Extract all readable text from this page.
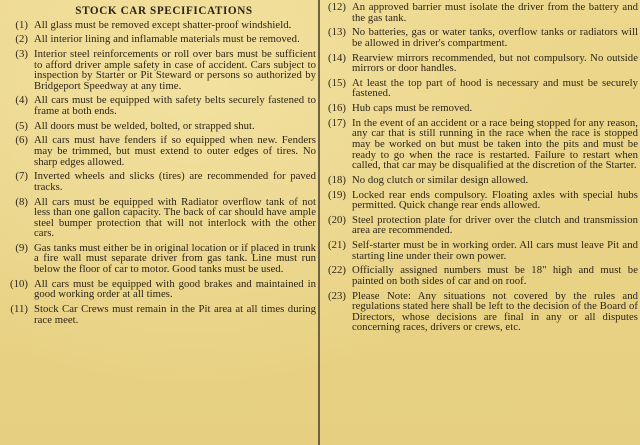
STOCK CAR SPECIFICATIONS
(1) All glass must be removed except shatter-proof windshield.
(2) All interior lining and inflamable materials must be removed.
(3) Interior steel reinforcements or roll over bars must be sufficient to afford driver ample safety in case of accident. Cars subject to inspection by Starter or Pit Steward or persons so authorized by Bridgeport Speedway at any time.
(4) All cars must be equipped with safety belts securely fastened to frame at both ends.
(5) All doors must be welded, bolted, or strapped shut.
(6) All cars must have fenders if so equipped when new. Fenders may be trimmed, but must extend to outer edges of tires. No sharp edges allowed.
(7) Inverted wheels and slicks (tires) are recommended for paved tracks.
(8) All cars must be equipped with Radiator overflow tank of not less than one gallon capacity. The back of car should have ample steel bumper protection that will not interlock with the other cars.
(9) Gas tanks must either be in original location or if placed in trunk a fire wall must separate driver from gas tank. Line must run below the floor of car to motor. Good tanks must be used.
(10) All cars must be equipped with good brakes and maintained in good working order at all times.
(11) Stock Car Crews must remain in the Pit area at all times during race meet.
(12) An approved barrier must isolate the driver from the battery and the gas tank.
(13) No batteries, gas or water tanks, overflow tanks or radiators will be allowed in driver's compartment.
(14) Rearview mirrors recommended, but not compulsory. No outside mirrors or door handles.
(15) At least the top part of hood is necessary and must be securely fastened.
(16) Hub caps must be removed.
(17) In the event of an accident or a race being stopped for any reason, any car that is still running in the race when the race is stopped may be worked on but must be taken into the pits and must be ready to go when the race is restarted. Failure to restart when called, that car may be disqualified at the discretion of the Starter.
(18) No dog clutch or similar design allowed.
(19) Locked rear ends compulsory. Floating axles with special hubs permitted. Quick change rear ends allowed.
(20) Steel protection plate for driver over the clutch and transmission area are recommended.
(21) Self-starter must be in working order. All cars must leave Pit and starting line under their own power.
(22) Officially assigned numbers must be 18" high and must be painted on both sides of car and on roof.
(23) Please Note: Any situations not covered by the rules and regulations stated here shall be left to the decision of the Board of Directors, whose decisions are final in any or all disputes concerning races, drivers or crews, etc.
